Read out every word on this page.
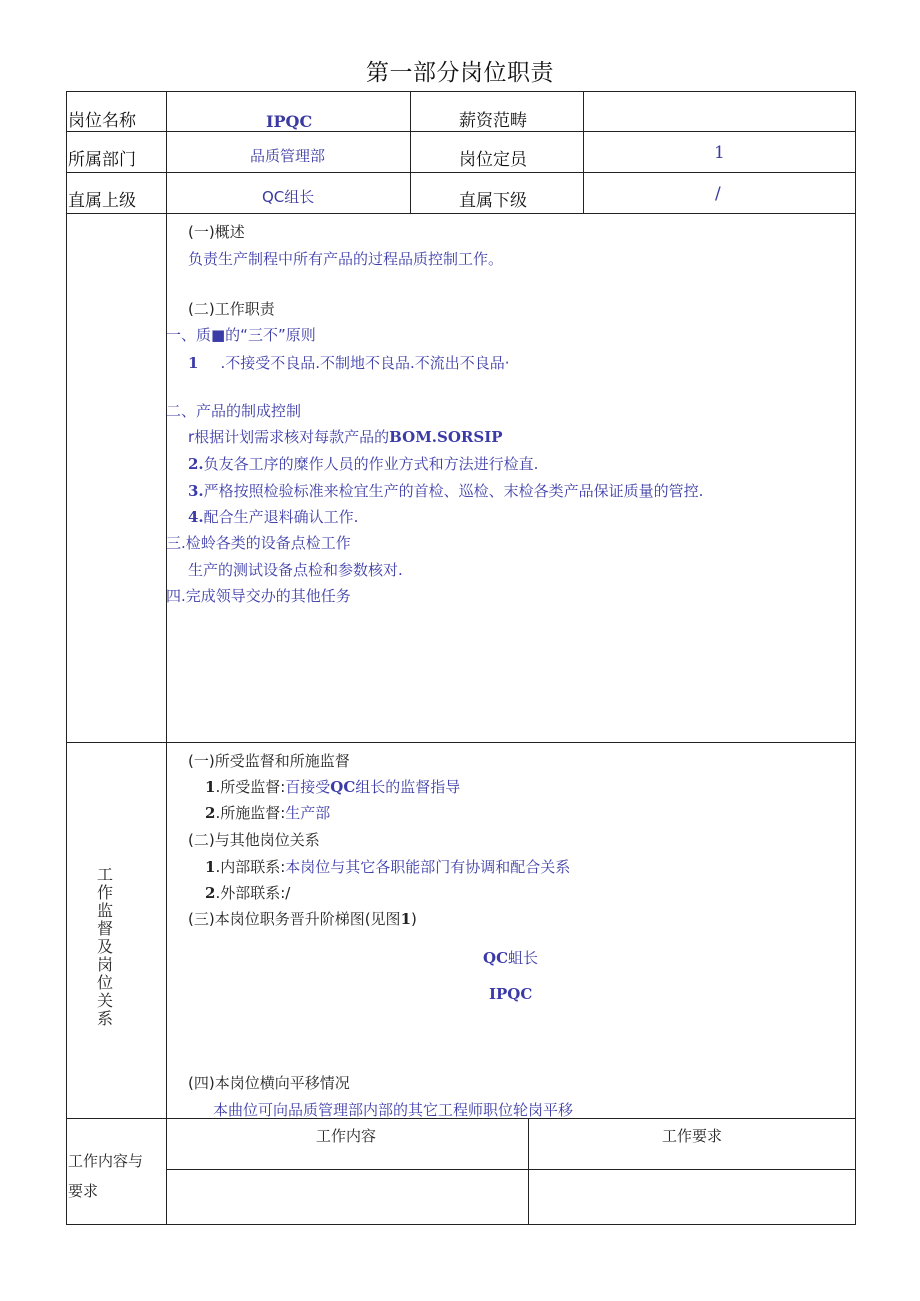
第一部分岗位职责
岗位名称	IPQC	薪资范畴
所属部门	品质管理部	岗位定员	1
直属上级	QC组长	直属下级	/
(一)概述
负责生产制程中所有产品的过程品质控制工作。
(二)工作职责
一、质■的“三不”原则
1 .不接受不良品.不制地不良品.不流出不良品·
二、产品的制成控制
r根据计划需求核对每款产品的BOM.SORSIP
2.负友各工序的糜作人员的作业方式和方法进行检直.
3.严格按照检验标准来检宜生产的首检、巡检、末检各类产品保证质量的管控.
4.配合生产退料确认工作.
三.检蛉各类的设备点检工作
生产的测试设备点检和参数核对.
四.完成领导交办的其他任务
工作监督及岗位关系
(一)所受监督和所施监督
1.所受监督:百接受QC组长的监督指导
2.所施监督:生产部
(二)与其他岗位关系
1.内部联系:本岗位与其它各职能部门有协调和配合关系
2.外部联系:/
(三)本岗位职务晋升阶梯图(见图1)
QC蛆长
IPQC
(四)本岗位横向平移情况
本曲位可向品质管理部内部的其它工程师职位轮岗平移
工作内容与
要求
工作内容	工作要求
